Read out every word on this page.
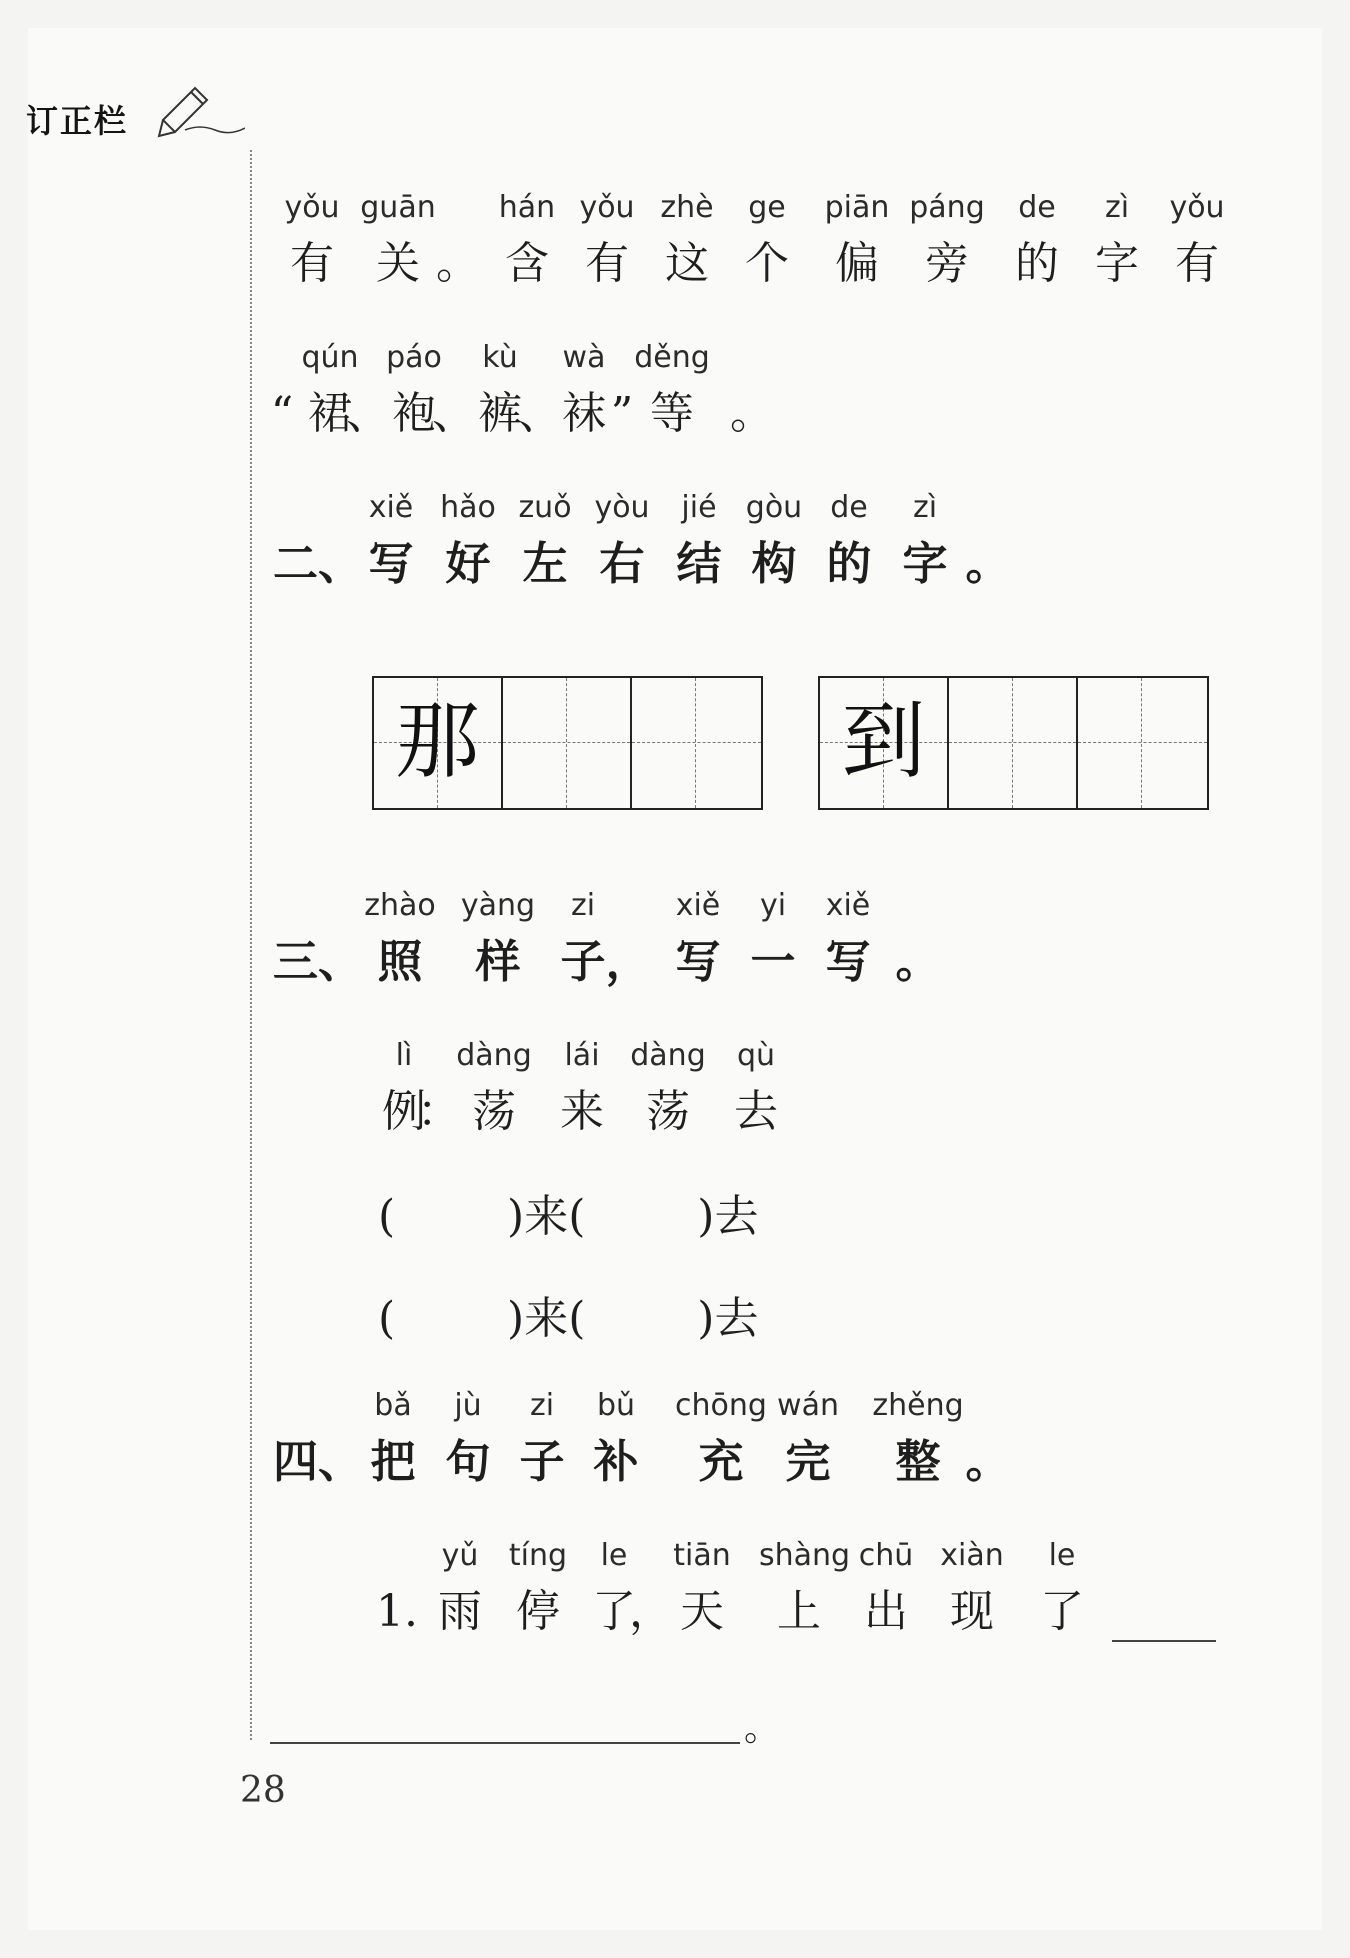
订正栏
yǒu
有
guān
关 。
hán
含
yǒu
有
zhè
这
ge
个
piān
偏
páng
旁
de
的
zì
字
yǒu
有
“
qún
裙
、
páo
袍
、
kù
裤
、
wà
袜 ”
děng
等 。
二、
xiě
写
hǎo
好
zuǒ
左
yòu
右
jié
结
gòu
构
de
的
zì
字 。
那	到
三、
zhào
照
yàng
样
zi
子 ，
xiě
写
yi
一
xiě
写 。
lì
例
：
dàng
荡
lái
来
dàng
荡
qù
去
(        )来(        )去
(        )来(        )去
四、
bǎ
把
jù
句
zi
子
bǔ
补
chōng
充
wán
完
zhěng
整 。
1.
yǔ
雨
tíng
停
le
了
，
tiān
天
shàng
上
chū
出
xiàn
现
le
了
。
28
